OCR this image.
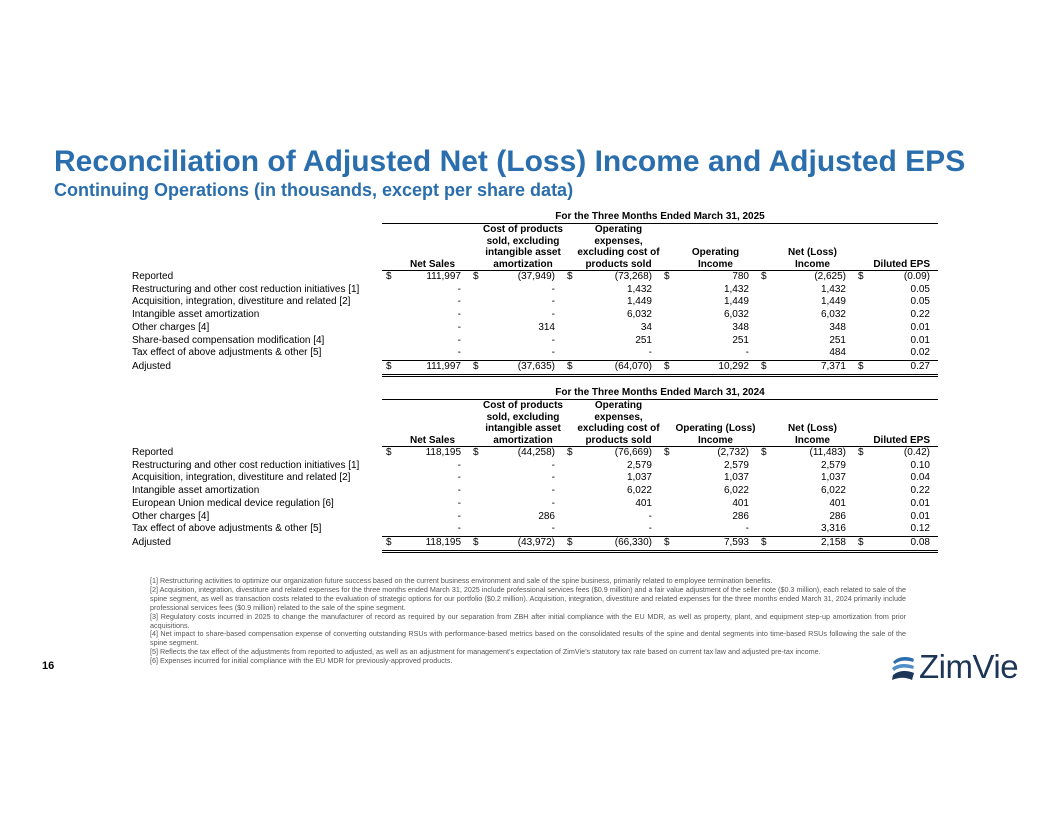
Reconciliation of Adjusted Net (Loss) Income and Adjusted EPS
Continuing Operations (in thousands, except per share data)
	For the Three Months Ended March 31, 2025											
		Net Sales		Cost of products sold, excluding intangible asset amortization		Operating expenses, excluding cost of products sold		Operating Income		Net (Loss) Income		Diluted EPS
Reported	$	111,997	$	(37,949)	$	(73,268)	$	780	$	(2,625)	$	(0.09)
Restructuring and other cost reduction initiatives [1]		-		-		1,432		1,432		1,432		0.05
Acquisition, integration, divestiture and related [2]		-		-		1,449		1,449		1,449		0.05
Intangible asset amortization		-		-		6,032		6,032		6,032		0.22
Other charges [4]		-		314		34		348		348		0.01
Share-based compensation modification [4]		-		-		251		251		251		0.01
Tax effect of above adjustments & other [5]		-		-		-		-		484		0.02
Adjusted	$	111,997	$	(37,635)	$	(64,070)	$	10,292	$	7,371	$	0.27
	For the Three Months Ended March 31, 2024											
		Net Sales		Cost of products sold, excluding intangible asset amortization		Operating expenses, excluding cost of products sold		Operating (Loss) Income		Net (Loss) Income		Diluted EPS
Reported	$	118,195	$	(44,258)	$	(76,669)	$	(2,732)	$	(11,483)	$	(0.42)
Restructuring and other cost reduction initiatives [1]		-		-		2,579		2,579		2,579		0.10
Acquisition, integration, divestiture and related [2]		-		-		1,037		1,037		1,037		0.04
Intangible asset amortization		-		-		6,022		6,022		6,022		0.22
European Union medical device regulation [6]		-		-		401		401		401		0.01
Other charges [4]		-		286		-		286		286		0.01
Tax effect of above adjustments & other [5]		-		-		-		-		3,316		0.12
Adjusted	$	118,195	$	(43,972)	$	(66,330)	$	7,593	$	2,158	$	0.08

[1] Restructuring activities to optimize our organization future success based on the current business environment and sale of the spine business, primarily related to employee termination benefits.

[2] Acquisition, integration, divestiture and related expenses for the three months ended March 31, 2025 include professional services fees ($0.9 million) and a fair value adjustment of the seller note ($0.3 million), each related to sale of the spine segment, as well as transaction costs related to the evaluation of strategic options for our portfolio ($0.2 million). Acquisition, integration, divestiture and related expenses for the three months ended March 31, 2024 primarily include professional services fees ($0.9 million) related to the sale of the spine segment.

[3] Regulatory costs incurred in 2025 to change the manufacturer of record as required by our separation from ZBH after initial compliance with the EU MDR, as well as property, plant, and equipment step-up amortization from prior acquisitions.

[4] Net impact to share-based compensation expense of converting outstanding RSUs with performance-based metrics based on the consolidated results of the spine and dental segments into time-based RSUs following the sale of the spine segment.

[5] Reflects the tax effect of the adjustments from reported to adjusted, as well as an adjustment for management’s expectation of ZimVie’s statutory tax rate based on current tax law and adjusted pre-tax income.

[6] Expenses incurred for initial compliance with the EU MDR for previously-approved products.

16	ZimVie
